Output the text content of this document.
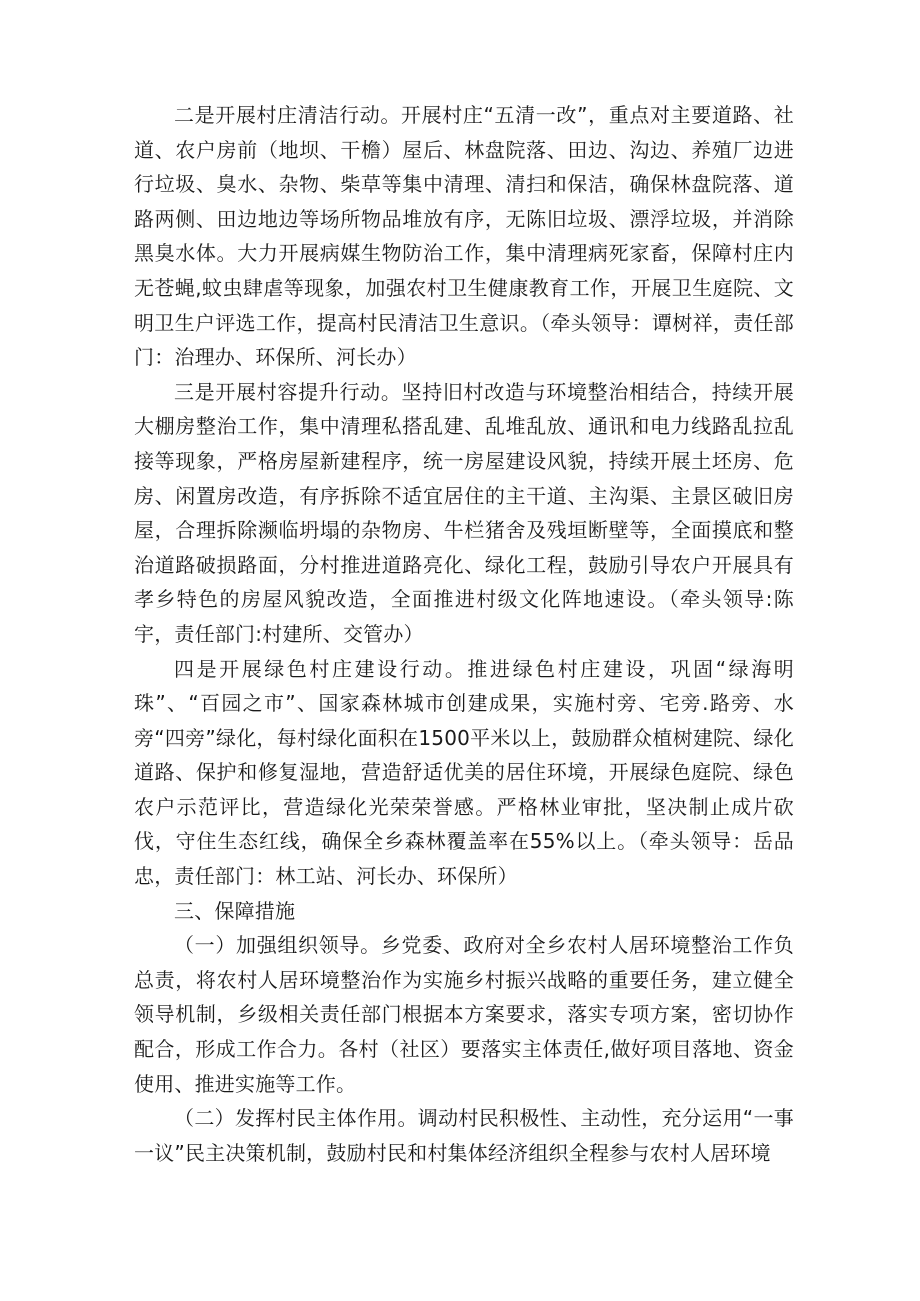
二是开展村庄清洁行动。开展村庄“五清一改”，重点对主要道路、社道、农户房前（地坝、干檐）屋后、林盘院落、田边、沟边、养殖厂边进行垃圾、臭水、杂物、柴草等集中清理、清扫和保洁，确保林盘院落、道路两侧、田边地边等场所物品堆放有序，无陈旧垃圾、漂浮垃圾，并消除黑臭水体。大力开展病媒生物防治工作，集中清理病死家畜，保障村庄内无苍蝇,蚊虫肆虐等现象，加强农村卫生健康教育工作，开展卫生庭院、文明卫生户评选工作，提高村民清洁卫生意识。（牵头领导：谭树祥，责任部门：治理办、环保所、河长办）

三是开展村容提升行动。坚持旧村改造与环境整治相结合，持续开展大棚房整治工作，集中清理私搭乱建、乱堆乱放、通讯和电力线路乱拉乱接等现象，严格房屋新建程序，统一房屋建设风貌，持续开展土坯房、危房、闲置房改造，有序拆除不适宜居住的主干道、主沟渠、主景区破旧房屋，合理拆除濒临坍塌的杂物房、牛栏猪舍及残垣断壁等，全面摸底和整治道路破损路面，分村推进道路亮化、绿化工程，鼓励引导农户开展具有孝乡特色的房屋风貌改造，全面推进村级文化阵地速设。（牵头领导:陈宇，责任部门:村建所、交管办）

四是开展绿色村庄建设行动。推进绿色村庄建设，巩固“绿海明珠”、“百园之市”、国家森林城市创建成果，实施村旁、宅旁.路旁、水旁“四旁”绿化，每村绿化面积在1500平米以上，鼓励群众植树建院、绿化道路、保护和修复湿地，营造舒适优美的居住环境，开展绿色庭院、绿色农户示范评比，营造绿化光荣荣誉感。严格林业审批，坚决制止成片砍伐，守住生态红线，确保全乡森林覆盖率在55%以上。（牵头领导：岳品忠，责任部门：林工站、河长办、环保所）

三、保障措施

（一）加强组织领导。乡党委、政府对全乡农村人居环境整治工作负总责，将农村人居环境整治作为实施乡村振兴战略的重要任务，建立健全领导机制，乡级相关责任部门根据本方案要求，落实专项方案，密切协作配合，形成工作合力。各村（社区）要落实主体责任,做好项目落地、资金使用、推进实施等工作。

（二）发挥村民主体作用。调动村民积极性、主动性，充分运用“一事一议”民主决策机制，鼓励村民和村集体经济组织全程参与农村人居环境
